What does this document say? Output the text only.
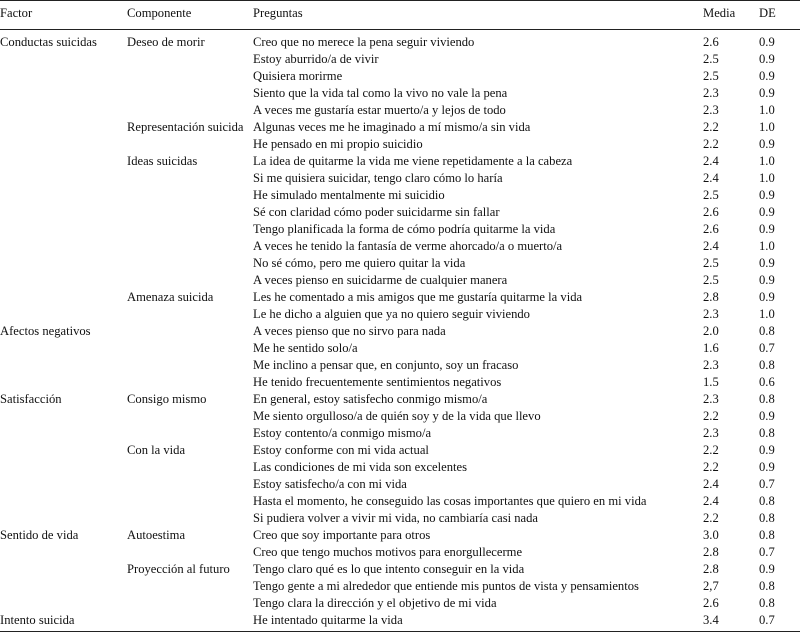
Factor	Componente	Preguntas	Media	DE
Conductas suicidas	Deseo de morir	Creo que no merece la pena seguir viviendo	2.6	0.9
		Estoy aburrido/a de vivir	2.5	0.9
		Quisiera morirme	2.5	0.9
		Siento que la vida tal como la vivo no vale la pena	2.3	0.9
		A veces me gustaría estar muerto/a y lejos de todo	2.3	1.0
	Representación suicida	Algunas veces me he imaginado a mí mismo/a sin vida	2.2	1.0
		He pensado en mi propio suicidio	2.2	0.9
	Ideas suicidas	La idea de quitarme la vida me viene repetidamente a la cabeza	2.4	1.0
		Si me quisiera suicidar, tengo claro cómo lo haría	2.4	1.0
		He simulado mentalmente mi suicidio	2.5	0.9
		Sé con claridad cómo poder suicidarme sin fallar	2.6	0.9
		Tengo planificada la forma de cómo podría quitarme la vida	2.6	0.9
		A veces he tenido la fantasía de verme ahorcado/a o muerto/a	2.4	1.0
		No sé cómo, pero me quiero quitar la vida	2.5	0.9
		A veces pienso en suicidarme de cualquier manera	2.5	0.9
	Amenaza suicida	Les he comentado a mis amigos que me gustaría quitarme la vida	2.8	0.9
		Le he dicho a alguien que ya no quiero seguir viviendo	2.3	1.0
Afectos negativos		A veces pienso que no sirvo para nada	2.0	0.8
		Me he sentido solo/a	1.6	0.7
		Me inclino a pensar que, en conjunto, soy un fracaso	2.3	0.8
		He tenido frecuentemente sentimientos negativos	1.5	0.6
Satisfacción	Consigo mismo	En general, estoy satisfecho conmigo mismo/a	2.3	0.8
		Me siento orgulloso/a de quién soy y de la vida que llevo	2.2	0.9
		Estoy contento/a conmigo mismo/a	2.3	0.8
	Con la vida	Estoy conforme con mi vida actual	2.2	0.9
		Las condiciones de mi vida son excelentes	2.2	0.9
		Estoy satisfecho/a con mi vida	2.4	0.7
		Hasta el momento, he conseguido las cosas importantes que quiero en mi vida	2.4	0.8
		Si pudiera volver a vivir mi vida, no cambiaría casi nada	2.2	0.8
Sentido de vida	Autoestima	Creo que soy importante para otros	3.0	0.8
		Creo que tengo muchos motivos para enorgullecerme	2.8	0.7
	Proyección al futuro	Tengo claro qué es lo que intento conseguir en la vida	2.8	0.9
		Tengo gente a mi alrededor que entiende mis puntos de vista y pensamientos	2,7	0.8
		Tengo clara la dirección y el objetivo de mi vida	2.6	0.8
Intento suicida		He intentado quitarme la vida	3.4	0.7
